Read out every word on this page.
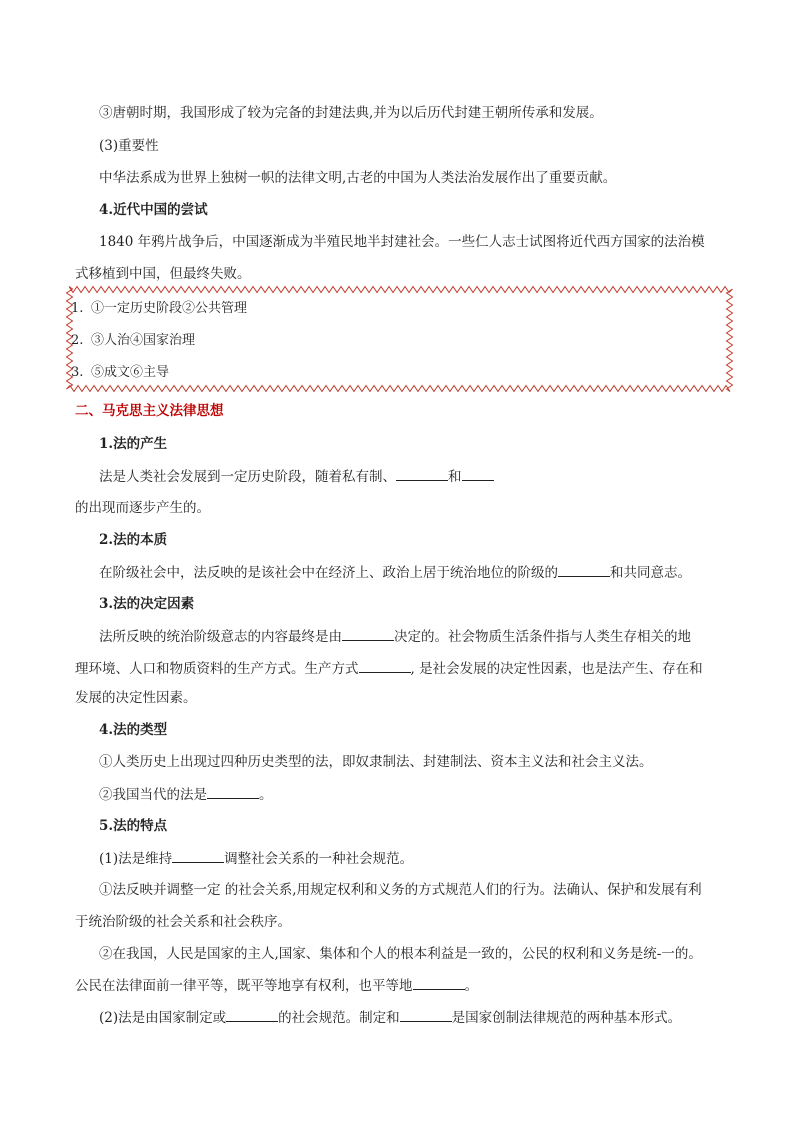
③唐朝时期，我国形成了较为完备的封建法典,并为以后历代封建王朝所传承和发展。
(3)重要性
中华法系成为世界上独树一帜的法律文明,古老的中国为人类法治发展作出了重要贡献。
4.近代中国的尝试
1840 年鸦片战争后，中国逐渐成为半殖民地半封建社会。一些仁人志士试图将近代西方国家的法治模
式移植到中国，但最终失败。
1. ①一定历史阶段②公共管理
2. ③人治④国家治理
3. ⑤成文⑥主导
二、马克思主义法律思想
1.法的产生
法是人类社会发展到一定历史阶段，随着私有制、	和
的出现而逐步产生的。
2.法的本质
在阶级社会中，法反映的是该社会中在经济上、政治上居于统治地位的阶级的	和共同意志。
3.法的决定因素
法所反映的统治阶级意志的内容最终是由	决定的。社会物质生活条件指与人类生存相关的地
理环境、人口和物质资料的生产方式。生产方式	, 是社会发展的决定性因素，也是法产生、存在和
发展的决定性因素。
4.法的类型
①人类历史上出现过四种历史类型的法，即奴隶制法、封建制法、资本主义法和社会主义法。
②我国当代的法是	。
5.法的特点
(1)法是维持	调整社会关系的一种社会规范。
①法反映并调整一定 的社会关系,用规定权利和义务的方式规范人们的行为。法确认、保护和发展有利
于统治阶级的社会关系和社会秩序。
②在我国，人民是国家的主人,国家、集体和个人的根本利益是一致的，公民的权利和义务是统-一的。
公民在法律面前一律平等，既平等地享有权利，也平等地	。
(2)法是由国家制定或	的社会规范。制定和	是国家创制法律规范的两种基本形式。
